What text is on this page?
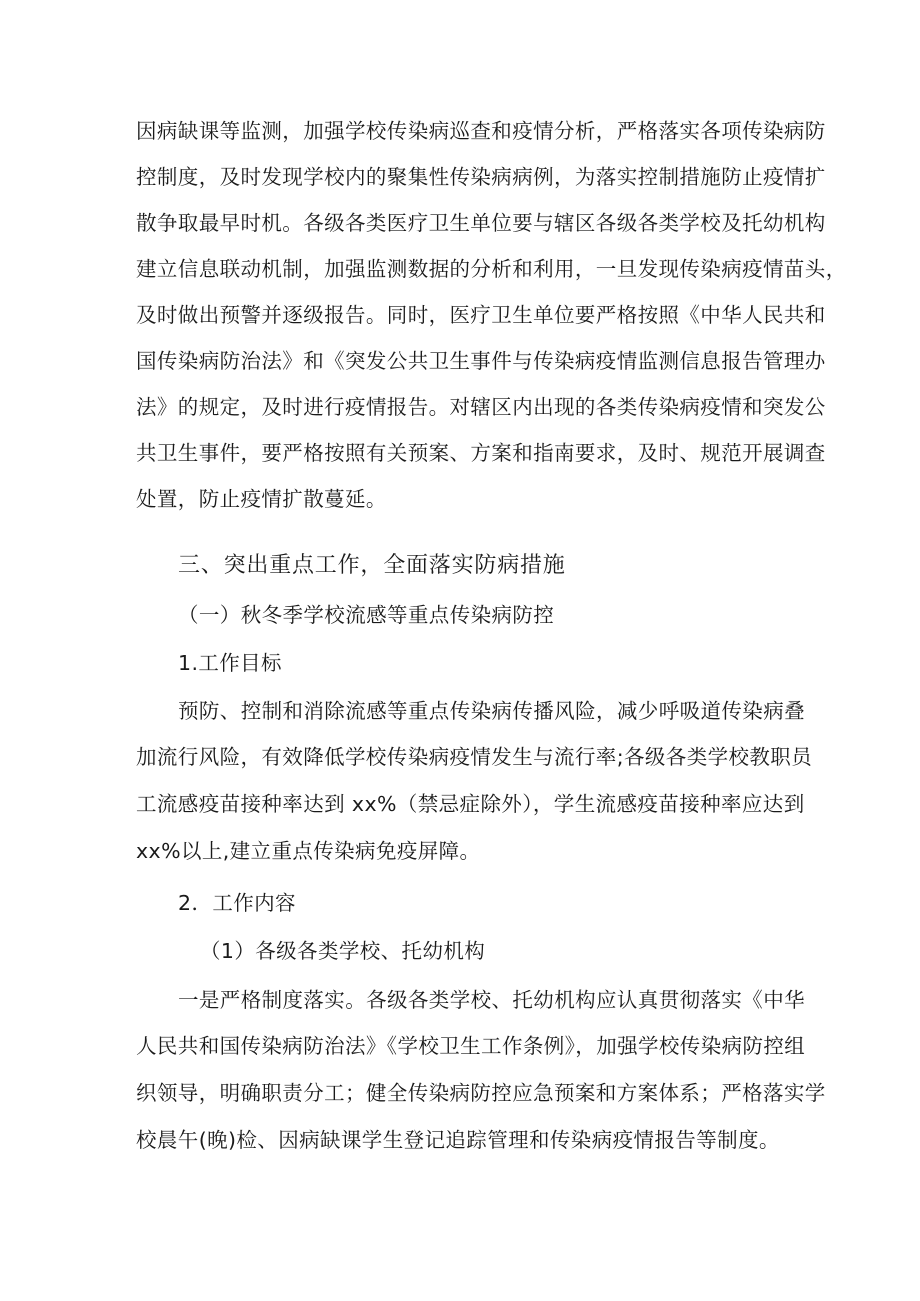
因病缺课等监测，加强学校传染病巡查和疫情分析，严格落实各项传染病防
控制度，及时发现学校内的聚集性传染病病例，为落实控制措施防止疫情扩
散争取最早时机。各级各类医疗卫生单位要与辖区各级各类学校及托幼机构
建立信息联动机制，加强监测数据的分析和利用，一旦发现传染病疫情苗头，
及时做出预警并逐级报告。同时，医疗卫生单位要严格按照《中华人民共和
国传染病防治法》和《突发公共卫生事件与传染病疫情监测信息报告管理办
法》的规定，及时进行疫情报告。对辖区内出现的各类传染病疫情和突发公
共卫生事件，要严格按照有关预案、方案和指南要求，及时、规范开展调查
处置，防止疫情扩散蔓延。
三、突出重点工作，全面落实防病措施
（一）秋冬季学校流感等重点传染病防控
1.工作目标
预防、控制和消除流感等重点传染病传播风险，减少呼吸道传染病叠
加流行风险，有效降低学校传染病疫情发生与流行率;各级各类学校教职员
工流感疫苗接种率达到 xx%（禁忌症除外），学生流感疫苗接种率应达到
xx%以上,建立重点传染病免疫屏障。
2．工作内容
（1）各级各类学校、托幼机构
一是严格制度落实。各级各类学校、托幼机构应认真贯彻落实《中华
人民共和国传染病防治法》《学校卫生工作条例》，加强学校传染病防控组
织领导，明确职责分工；健全传染病防控应急预案和方案体系；严格落实学
校晨午(晚)检、因病缺课学生登记追踪管理和传染病疫情报告等制度。
